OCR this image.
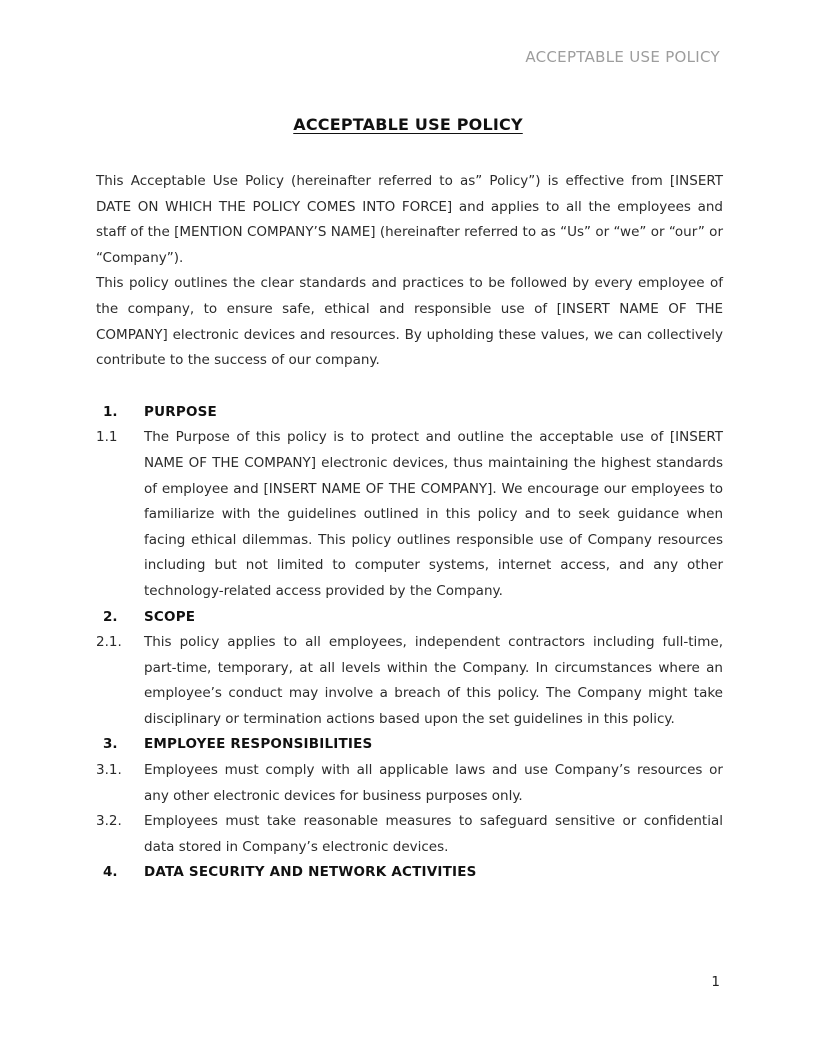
ACCEPTABLE USE POLICY
ACCEPTABLE USE POLICY

This Acceptable Use Policy (hereinafter referred to as” Policy”) is effective from [INSERT DATE ON WHICH THE POLICY COMES INTO FORCE] and applies to all the employees and staff of the [MENTION COMPANY’S NAME] (hereinafter referred to as “Us” or “we” or “our” or “Company”).

This policy outlines the clear standards and practices to be followed by every employee of the company, to ensure safe, ethical and responsible use of [INSERT NAME OF THE COMPANY] electronic devices and resources. By upholding these values, we can collectively contribute to the success of our company.

1.	PURPOSE
1.1	The Purpose of this policy is to protect and outline the acceptable use of [INSERT NAME OF THE COMPANY] electronic devices, thus maintaining the highest standards of employee and [INSERT NAME OF THE COMPANY]. We encourage our employees to familiarize with the guidelines outlined in this policy and to seek guidance when facing ethical dilemmas. This policy outlines responsible use of Company resources including but not limited to computer systems, internet access, and any other technology-related access provided by the Company.
2.	SCOPE
2.1.	This policy applies to all employees, independent contractors including full-time, part-time, temporary, at all levels within the Company. In circumstances where an employee’s conduct may involve a breach of this policy. The Company might take disciplinary or termination actions based upon the set guidelines in this policy.
3.	EMPLOYEE RESPONSIBILITIES
3.1.	Employees must comply with all applicable laws and use Company’s resources or any other electronic devices for business purposes only.
3.2.	Employees must take reasonable measures to safeguard sensitive or confidential data stored in Company’s electronic devices.
4.	DATA SECURITY AND NETWORK ACTIVITIES
1
